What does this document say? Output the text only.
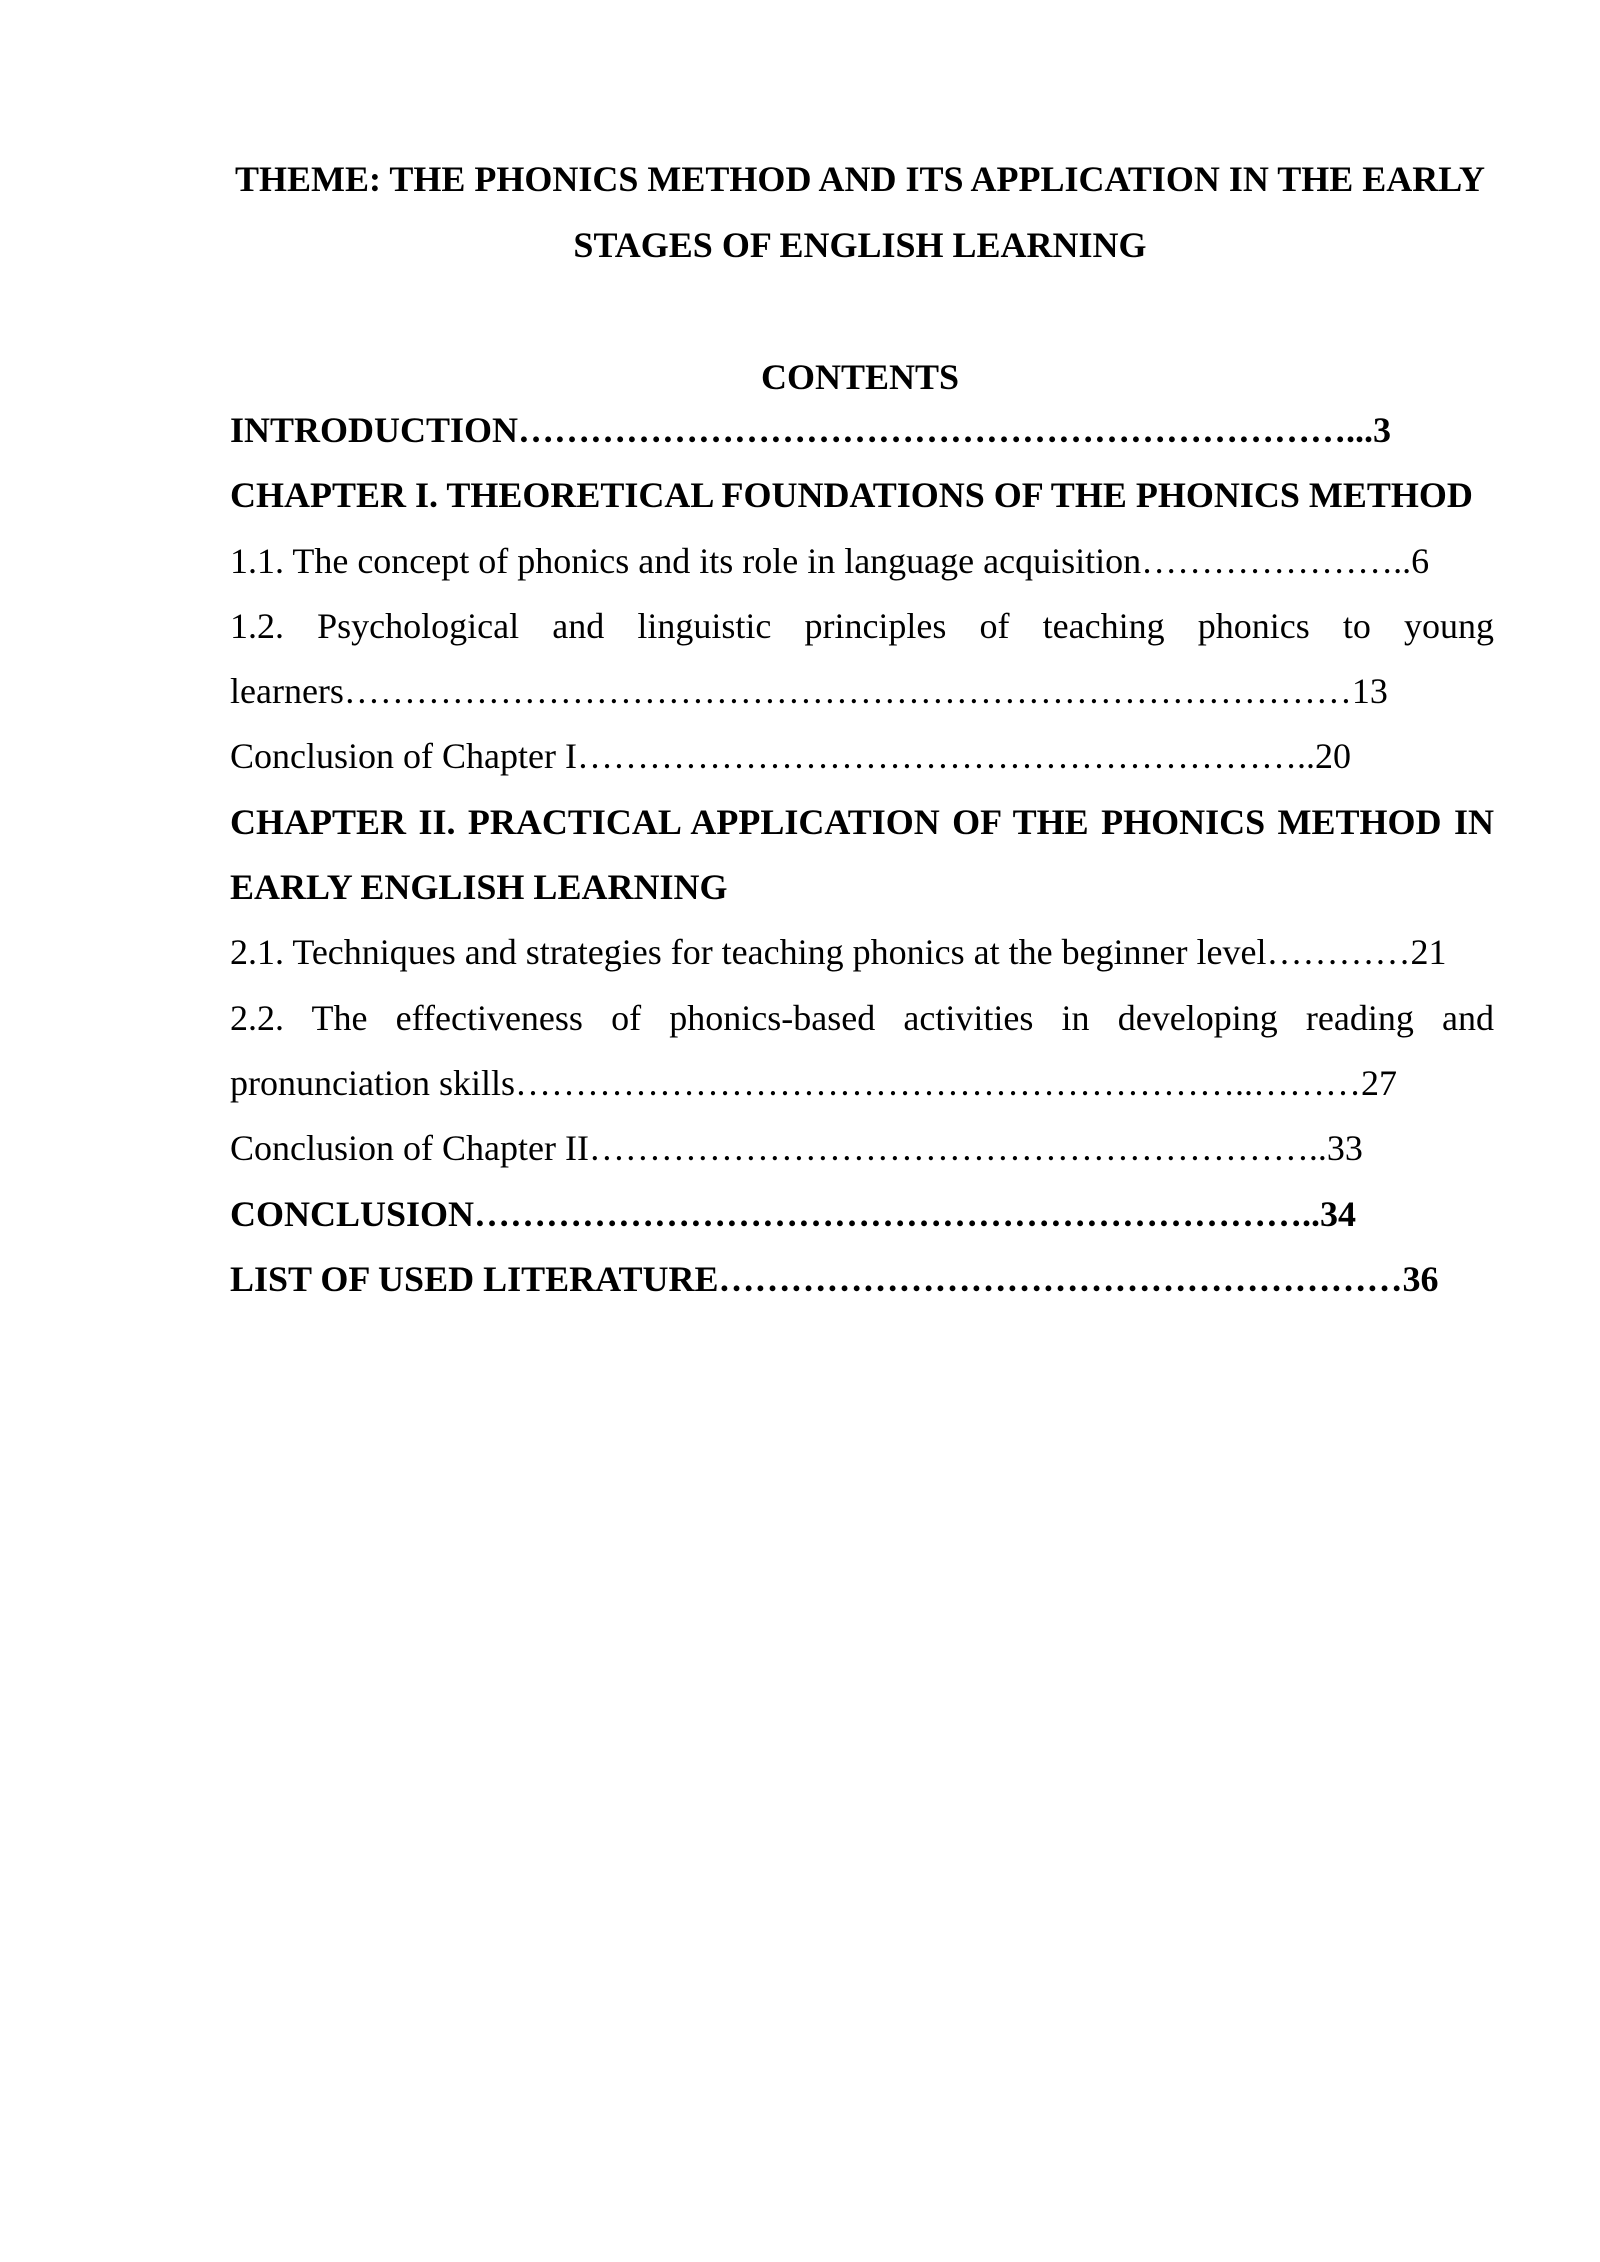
THEME: THE PHONICS METHOD AND ITS APPLICATION IN THE EARLY STAGES OF ENGLISH LEARNING

CONTENTS

INTRODUCTION……………………………………………………………...3

CHAPTER I. THEORETICAL FOUNDATIONS OF THE PHONICS METHOD

1.1. The concept of phonics and its role in language acquisition…………………..6

1.2. Psychological and linguistic principles of teaching phonics to young learners…………………………………………………………………………13

Conclusion of Chapter I……………………………………………………..20

CHAPTER II. PRACTICAL APPLICATION OF THE PHONICS METHOD IN EARLY ENGLISH LEARNING

2.1. Techniques and strategies for teaching phonics at the beginner level…………21

2.2. The effectiveness of phonics-based activities in developing reading and pronunciation skills……………………………………………………..………27

Conclusion of Chapter II……………………………………………………..33

CONCLUSION……………………………………………………………..34

LIST OF USED LITERATURE…………………………………………………36
